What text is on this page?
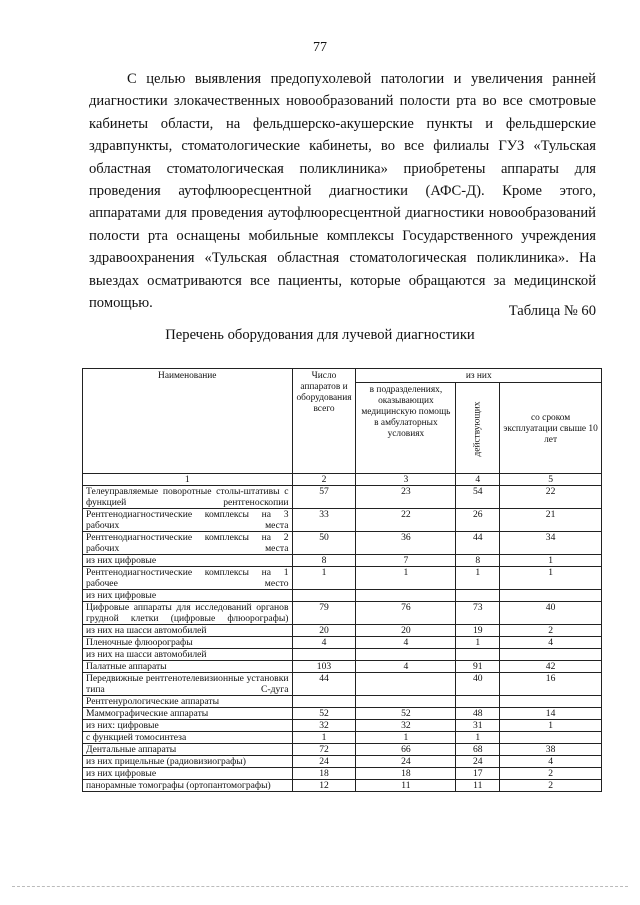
77

С целью выявления предопухолевой патологии и увеличения ранней диагностики злокачественных новообразований полости рта во все смотровые кабинеты области, на фельдшерско-акушерские пункты и фельдшерские здравпункты, стоматологические кабинеты, во все филиалы ГУЗ «Тульская областная стоматологическая поликлиника» приобретены аппараты для проведения аутофлюоресцентной диагностики (АФС-Д). Кроме этого, аппаратами для проведения аутофлюоресцентной диагностики новообразований полости рта оснащены мобильные комплексы Государственного учреждения здравоохранения «Тульская областная стоматологическая поликлиника». На выездах осматриваются все пациенты, которые обращаются за медицинской помощью.	Таблица № 60
Перечень оборудования для лучевой диагностики
Наименование	Число аппаратов и оборудования всего	из них		
		в подразделениях, оказывающих медицинскую помощь в амбулаторных условиях	действующих	со сроком эксплуатации свыше 10 лет
1	2	3	4	5

Телеуправляемые поворотные столы-штативы с функцией рентгеноскопии	57	23	54	22

Рентгенодиагностические комплексы на 3 рабочих места	33	22	26	21

Рентгенодиагностические комплексы на 2 рабочих места	50	36	44	34

из них цифровые	8	7	8	1

Рентгенодиагностические комплексы на 1 рабочее место	1	1	1	1

из них цифровые				

Цифровые аппараты для исследований органов грудной клетки (цифровые флюорографы)	79	76	73	40

из них на шасси автомобилей	20	20	19	2

Пленочные флюорографы	4	4	1	4

из них на шасси автомобилей				

Палатные аппараты	103	4	91	42

Передвижные рентгенотелевизионные установки типа С-дуга	44		40	16

Рентгенурологические аппараты				

Маммографические аппараты	52	52	48	14

из них: цифровые	32	32	31	1

с функцией томосинтеза	1	1	1	

Дентальные аппараты	72	66	68	38

из них прицельные (радиовизиографы)	24	24	24	4

из них цифровые	18	18	17	2

панорамные томографы (ортопантомографы)	12	11	11	2
